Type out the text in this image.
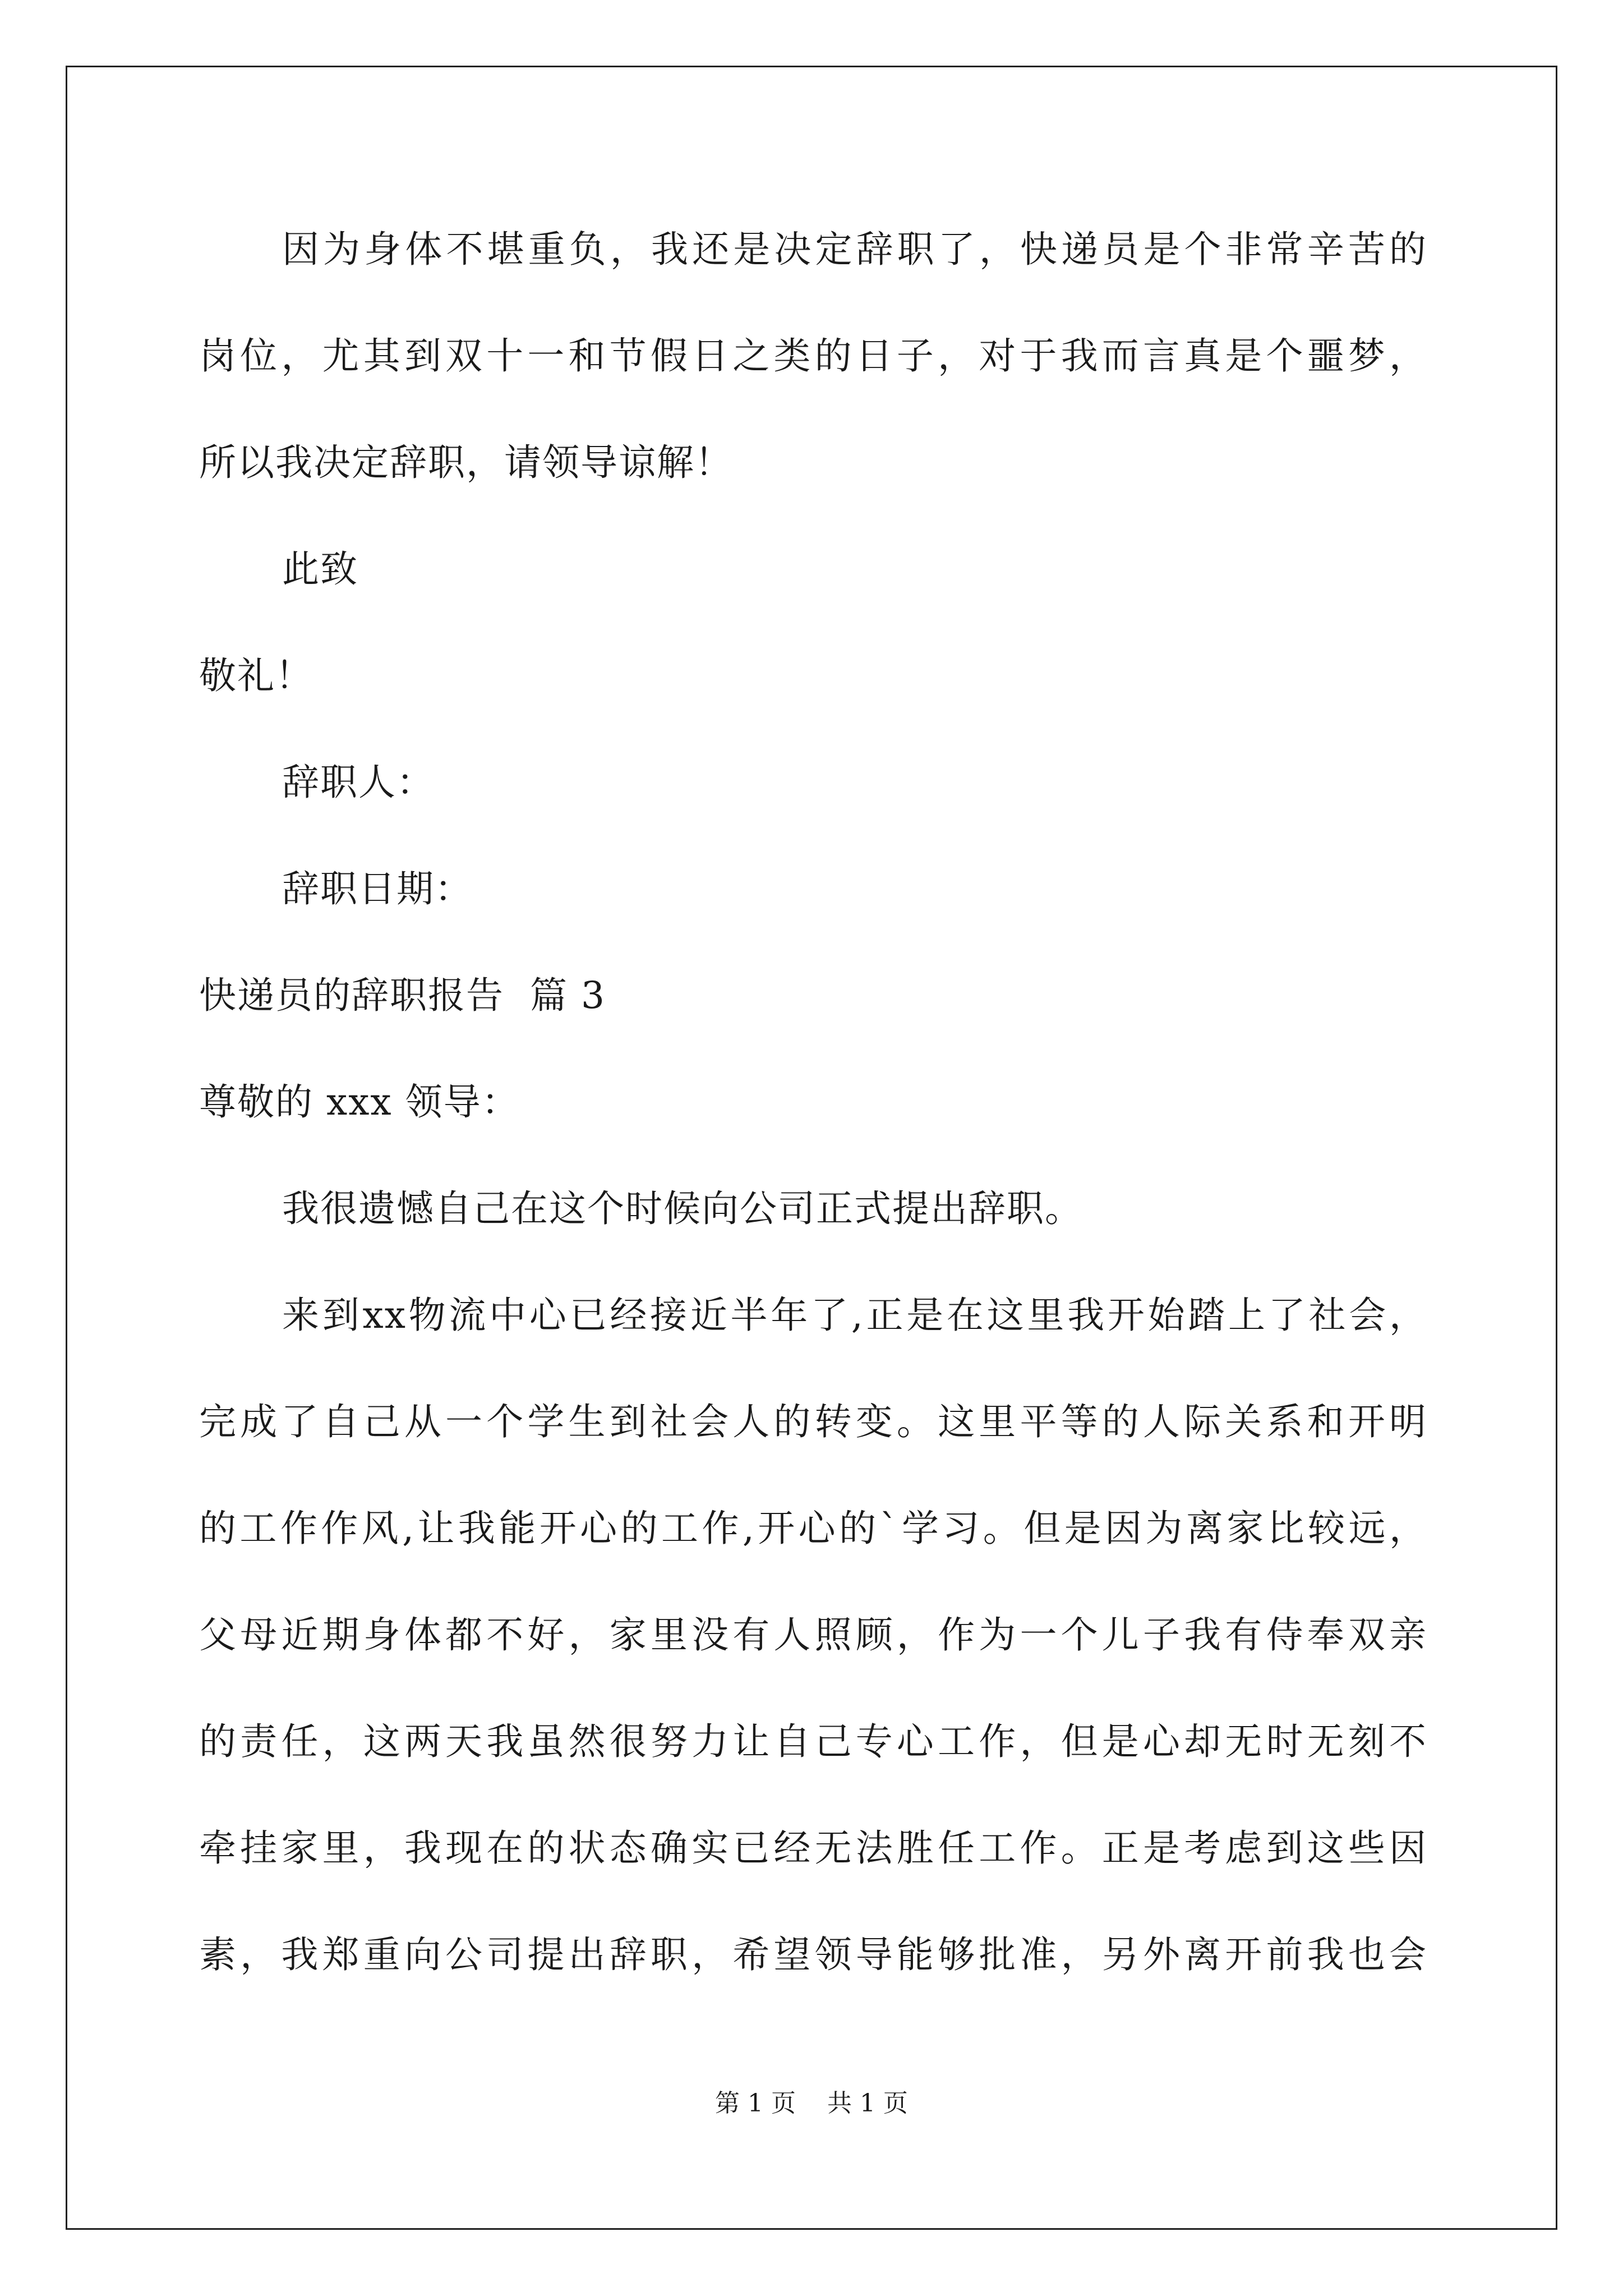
因为身体不堪重负，我还是决定辞职了，快递员是个非常辛苦的
岗位，尤其到双十一和节假日之类的日子，对于我而言真是个噩梦，
所以我决定辞职，请领导谅解！
此致
敬礼！
辞职人：
辞职日期：
快递员的辞职报告  篇 3
尊敬的 xxx 领导：
我很遗憾自己在这个时候向公司正式提出辞职。
来到xx物流中心已经接近半年了,正是在这里我开始踏上了社会，
完成了自己从一个学生到社会人的转变。这里平等的人际关系和开明
的工作作风,让我能开心的工作,开心的`学习。但是因为离家比较远，
父母近期身体都不好，家里没有人照顾，作为一个儿子我有侍奉双亲
的责任，这两天我虽然很努力让自己专心工作，但是心却无时无刻不
牵挂家里，我现在的状态确实已经无法胜任工作。正是考虑到这些因
素，我郑重向公司提出辞职，希望领导能够批准，另外离开前我也会
第 1 页    共 1 页
